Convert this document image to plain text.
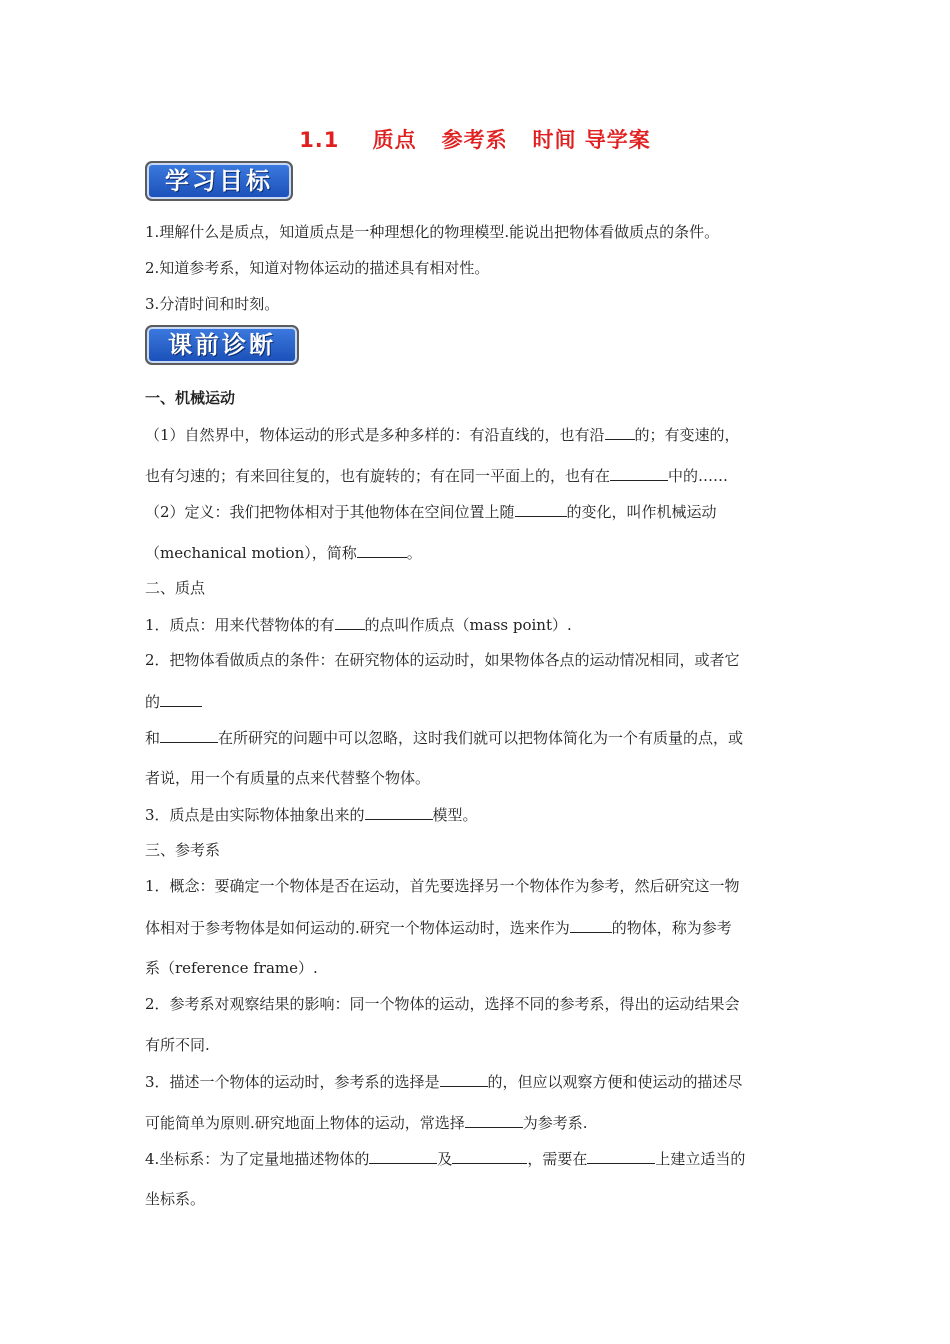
1.1    质点   参考系   时间 导学案
学习目标
1.理解什么是质点，知道质点是一种理想化的物理模型.能说出把物体看做质点的条件。
2.知道参考系，知道对物体运动的描述具有相对性。
3.分清时间和时刻。
课前诊断
一、机械运动
（1）自然界中，物体运动的形式是多种多样的：有沿直线的，也有沿 的；有变速的，
也有匀速的；有来回往复的，也有旋转的；有在同一平面上的，也有在	中的……
（2）定义：我们把物体相对于其他物体在空间位置上随	的变化，叫作机械运动
（mechanical motion），简称	。
二、质点
1．质点：用来代替物体的有 的点叫作质点（mass point）.
2．把物体看做质点的条件：在研究物体的运动时，如果物体各点的运动情况相同，或者它
的
和	在所研究的问题中可以忽略，这时我们就可以把物体简化为一个有质量的点，或
者说，用一个有质量的点来代替整个物体。
3．质点是由实际物体抽象出来的	模型。
三、参考系
1．概念：要确定一个物体是否在运动，首先要选择另一个物体作为参考，然后研究这一物
体相对于参考物体是如何运动的.研究一个物体运动时，选来作为	的物体，称为参考
系（reference frame）.
2．参考系对观察结果的影响：同一个物体的运动，选择不同的参考系，得出的运动结果会
有所不同.
3．描述一个物体的运动时，参考系的选择是	的，但应以观察方便和使运动的描述尽
可能简单为原则.研究地面上物体的运动，常选择	为参考系.
4.坐标系：为了定量地描述物体的	及	，需要在	上建立适当的
坐标系。
